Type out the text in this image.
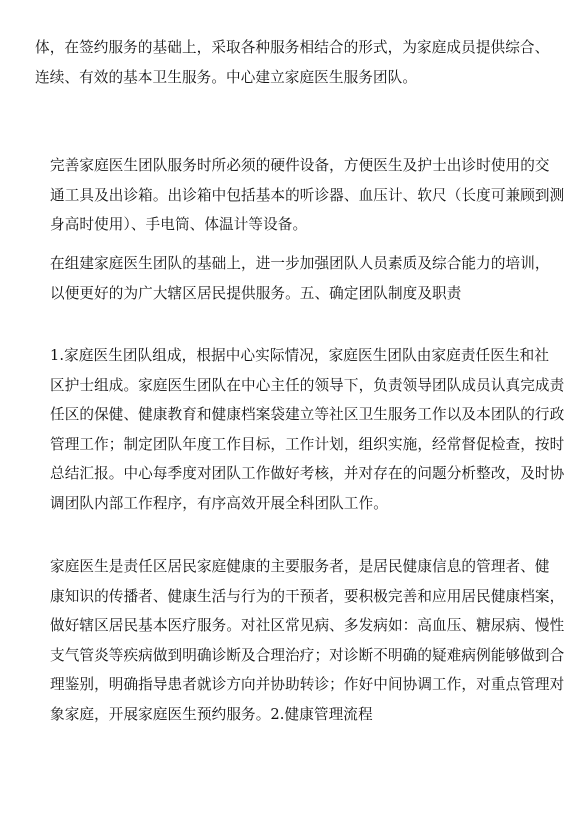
体，在签约服务的基础上，采取各种服务相结合的形式，为家庭成员提供综合、
连续、有效的基本卫生服务。中心建立家庭医生服务团队。
完善家庭医生团队服务时所必须的硬件设备，方便医生及护士出诊时使用的交
通工具及出诊箱。出诊箱中包括基本的听诊器、血压计、软尺（长度可兼顾到测
身高时使用）、手电筒、体温计等设备。
在组建家庭医生团队的基础上，进一步加强团队人员素质及综合能力的培训，
以便更好的为广大辖区居民提供服务。五、确定团队制度及职责
1.家庭医生团队组成，根据中心实际情况，家庭医生团队由家庭责任医生和社
区护士组成。家庭医生团队在中心主任的领导下，负责领导团队成员认真完成责
任区的保健、健康教育和健康档案袋建立等社区卫生服务工作以及本团队的行政
管理工作；制定团队年度工作目标，工作计划，组织实施，经常督促检查，按时
总结汇报。中心每季度对团队工作做好考核，并对存在的问题分析整改，及时协
调团队内部工作程序，有序高效开展全科团队工作。
家庭医生是责任区居民家庭健康的主要服务者，是居民健康信息的管理者、健
康知识的传播者、健康生活与行为的干预者，要积极完善和应用居民健康档案，
做好辖区居民基本医疗服务。对社区常见病、多发病如：高血压、糖尿病、慢性
支气管炎等疾病做到明确诊断及合理治疗；对诊断不明确的疑难病例能够做到合
理鉴别，明确指导患者就诊方向并协助转诊；作好中间协调工作，对重点管理对
象家庭，开展家庭医生预约服务。2.健康管理流程
